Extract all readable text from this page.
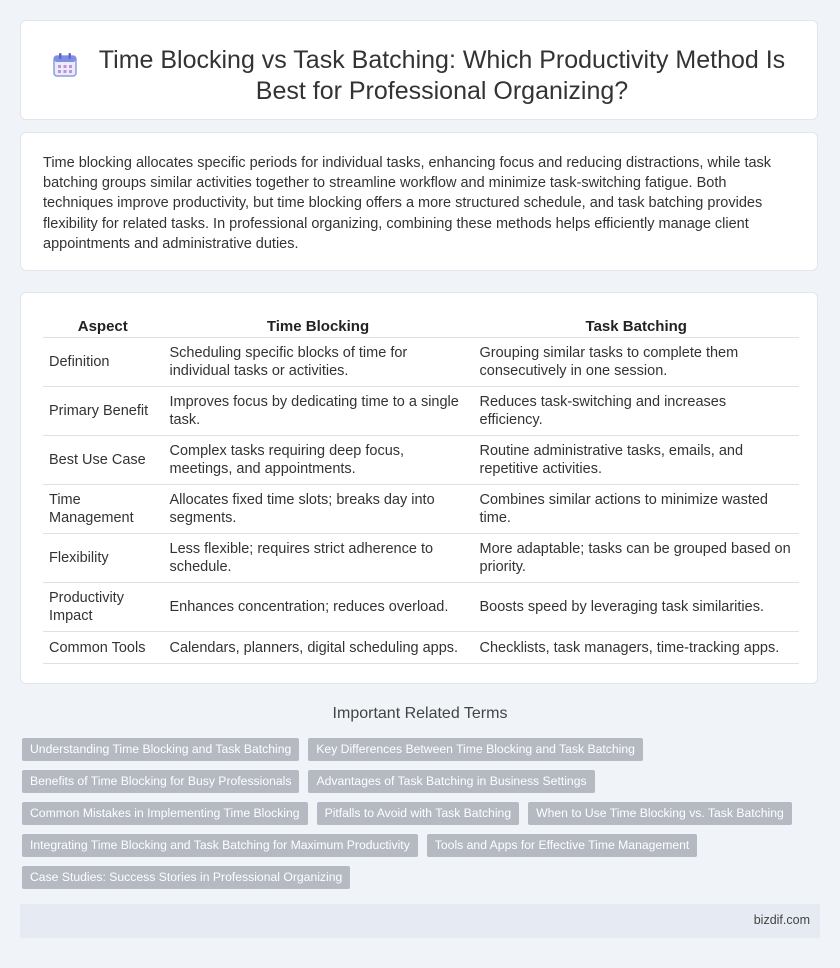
Time Blocking vs Task Batching: Which Productivity Method Is Best for Professional Organizing?

Time blocking allocates specific periods for individual tasks, enhancing focus and reducing distractions, while task batching groups similar activities together to streamline workflow and minimize task-switching fatigue. Both techniques improve productivity, but time blocking offers a more structured schedule, and task batching provides flexibility for related tasks. In professional organizing, combining these methods helps efficiently manage client appointments and administrative duties.

Aspect	Time Blocking	Task Batching
Definition	Scheduling specific blocks of time for individual tasks or activities.	Grouping similar tasks to complete them consecutively in one session.
Primary Benefit	Improves focus by dedicating time to a single task.	Reduces task-switching and increases efficiency.
Best Use Case	Complex tasks requiring deep focus, meetings, and appointments.	Routine administrative tasks, emails, and repetitive activities.
Time Management	Allocates fixed time slots; breaks day into segments.	Combines similar actions to minimize wasted time.
Flexibility	Less flexible; requires strict adherence to schedule.	More adaptable; tasks can be grouped based on priority.
Productivity Impact	Enhances concentration; reduces overload.	Boosts speed by leveraging task similarities.
Common Tools	Calendars, planners, digital scheduling apps.	Checklists, task managers, time-tracking apps.
Important Related Terms
Understanding Time Blocking and Task Batching	Key Differences Between Time Blocking and Task Batching
Benefits of Time Blocking for Busy Professionals	Advantages of Task Batching in Business Settings
Common Mistakes in Implementing Time Blocking	Pitfalls to Avoid with Task Batching	When to Use Time Blocking vs. Task Batching
Integrating Time Blocking and Task Batching for Maximum Productivity	Tools and Apps for Effective Time Management
Case Studies: Success Stories in Professional Organizing
bizdif.com
